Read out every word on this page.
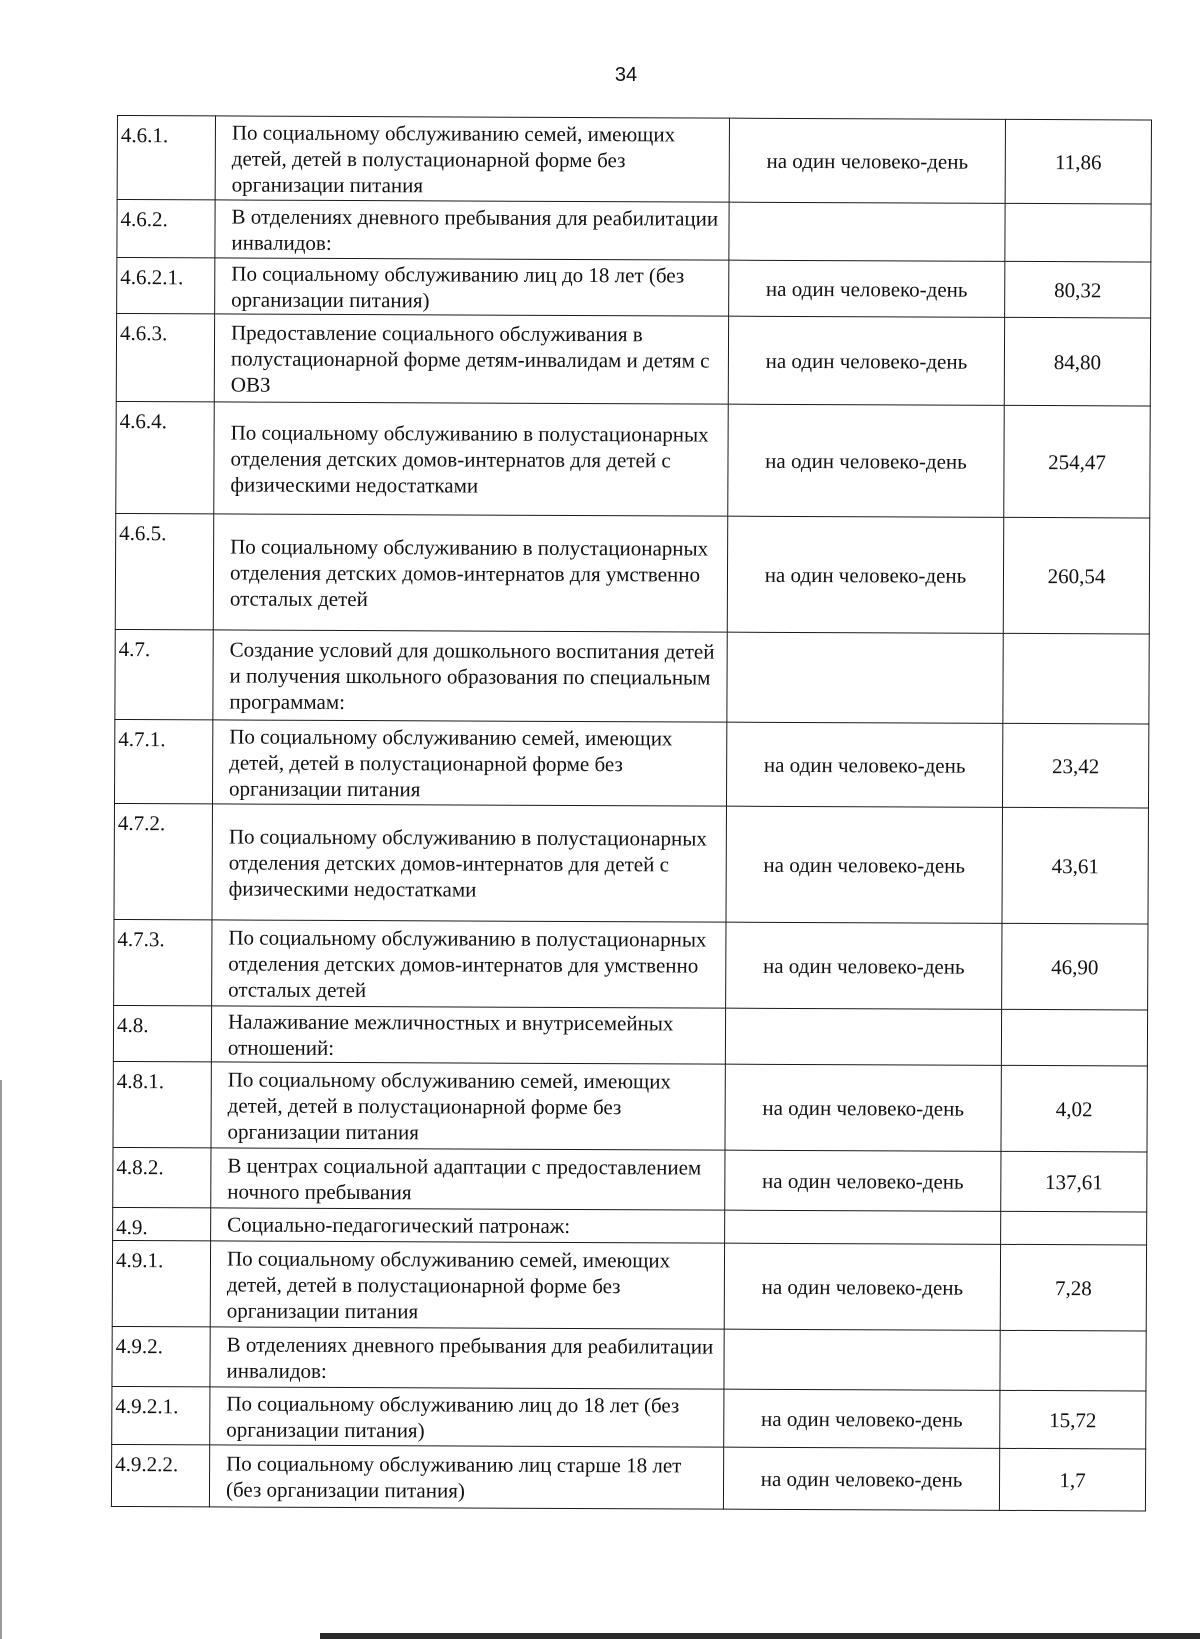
34
4.6.1.	По социальному обслуживанию семей, имеющих детей, детей в полустационарной форме без организации питания	на один человеко-день	11,86
4.6.2.	В отделениях дневного пребывания для реабилитации инвалидов:		
4.6.2.1.	По социальному обслуживанию лиц до 18 лет (без организации питания)	на один человеко-день	80,32
4.6.3.	Предоставление социального обслуживания в полустационарной форме детям-инвалидам и детям с ОВЗ	на один человеко-день	84,80
4.6.4.	По социальному обслуживанию в полустационарных отделения детских домов-интернатов для детей с физическими недостатками	на один человеко-день	254,47
4.6.5.	По социальному обслуживанию в полустационарных отделения детских домов-интернатов для умственно отсталых детей	на один человеко-день	260,54
4.7.	Создание условий для дошкольного воспитания детей и получения школьного образования по специальным программам:		
4.7.1.	По социальному обслуживанию семей, имеющих детей, детей в полустационарной форме без организации питания	на один человеко-день	23,42
4.7.2.	По социальному обслуживанию в полустационарных отделения детских домов-интернатов для детей с физическими недостатками	на один человеко-день	43,61
4.7.3.	По социальному обслуживанию в полустационарных отделения детских домов-интернатов для умственно отсталых детей	на один человеко-день	46,90
4.8.	Налаживание межличностных и внутрисемейных отношений:		
4.8.1.	По социальному обслуживанию семей, имеющих детей, детей в полустационарной форме без организации питания	на один человеко-день	4,02
4.8.2.	В центрах социальной адаптации с предоставлением ночного пребывания	на один человеко-день	137,61
4.9.	Социально-педагогический патронаж:		
4.9.1.	По социальному обслуживанию семей, имеющих детей, детей в полустационарной форме без организации питания	на один человеко-день	7,28
4.9.2.	В отделениях дневного пребывания для реабилитации инвалидов:		
4.9.2.1.	По социальному обслуживанию лиц до 18 лет (без организации питания)	на один человеко-день	15,72
4.9.2.2.	По социальному обслуживанию лиц старше 18 лет (без организации питания)	на один человеко-день	1,7
